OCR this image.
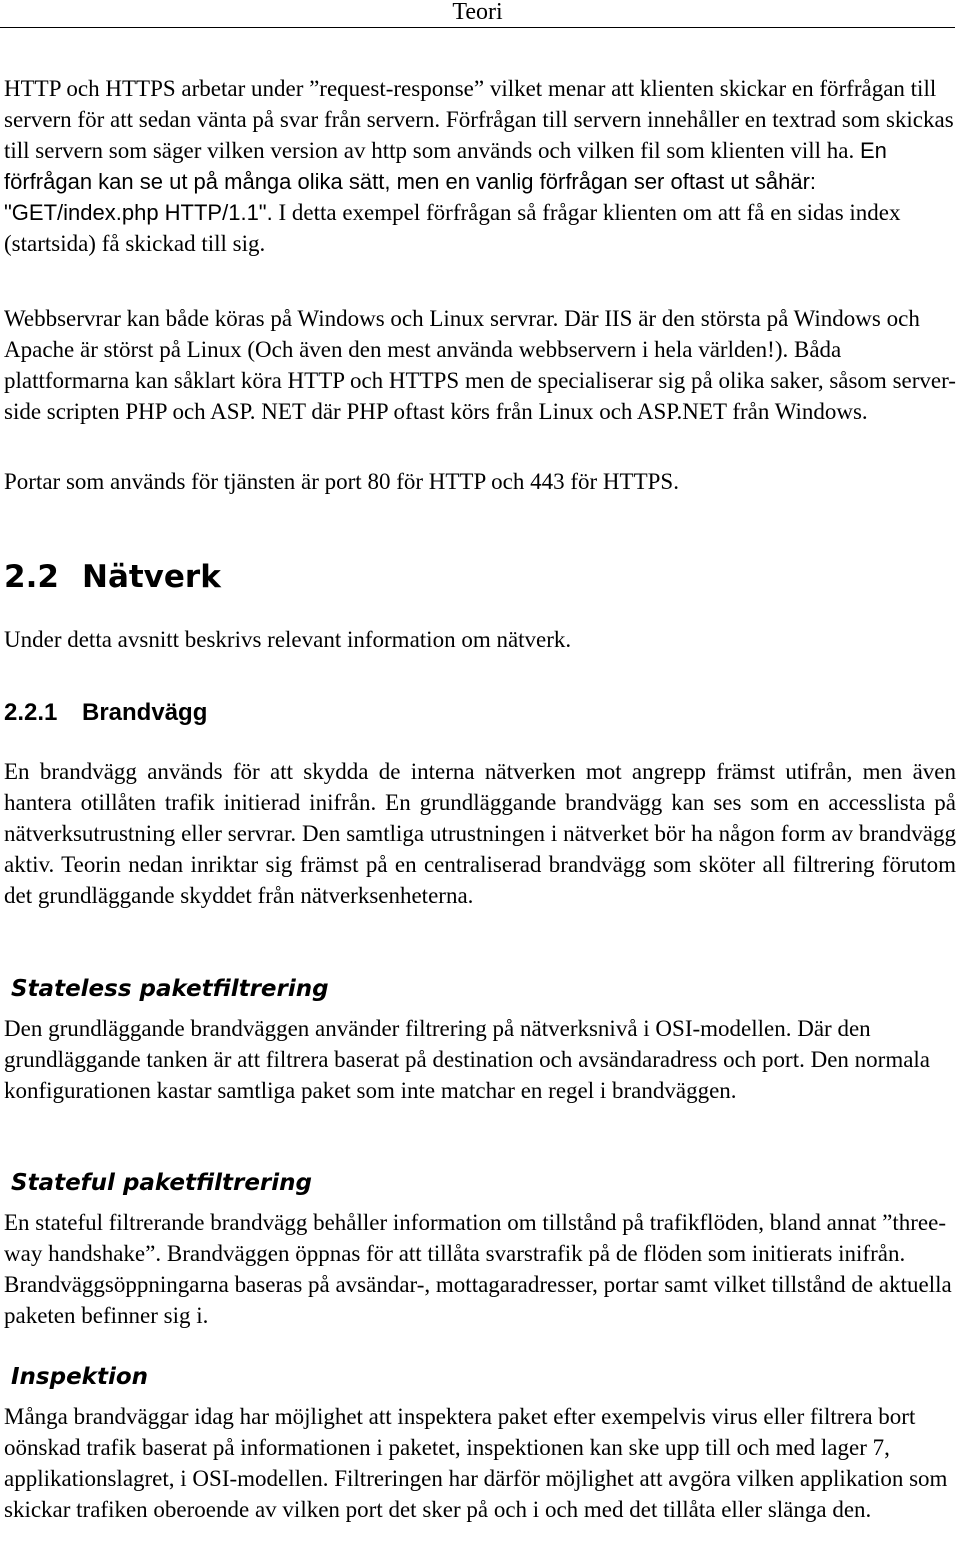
Teori

HTTP och HTTPS arbetar under ”request-response” vilket menar att klienten skickar en förfrågan till servern för att sedan vänta på svar från servern. Förfrågan till servern innehåller en textrad som skickas till servern som säger vilken version av http som används och vilken fil som klienten vill ha. En förfrågan kan se ut på många olika sätt, men en vanlig förfrågan ser oftast ut såhär: "GET/index.php HTTP/1.1". I detta exempel förfrågan så frågar klienten om att få en sidas index (startsida) få skickad till sig.

Webbservrar kan både köras på Windows och Linux servrar. Där IIS är den största på Windows och Apache är störst på Linux (Och även den mest använda webbservern i hela världen!). Båda plattformarna kan såklart köra HTTP och HTTPS men de specialiserar sig på olika saker, såsom server-side scripten PHP och ASP. NET där PHP oftast körs från Linux och ASP.NET från Windows.

Portar som används för tjänsten är port 80 för HTTP och 443 för HTTPS.

2.2 Nätverk

Under detta avsnitt beskrivs relevant information om nätverk.

2.2.1 Brandvägg

En brandvägg används för att skydda de interna nätverken mot angrepp främst utifrån, men även hantera otillåten trafik initierad inifrån. En grundläggande brandvägg kan ses som en accesslista på nätverksutrustning eller servrar. Den samtliga utrustningen i nätverket bör ha någon form av brandvägg aktiv. Teorin nedan inriktar sig främst på en centraliserad brandvägg som sköter all filtrering förutom det grundläggande skyddet från nätverksenheterna.

Stateless paketfiltrering

Den grundläggande brandväggen använder filtrering på nätverksnivå i OSI-modellen. Där den grundläggande tanken är att filtrera baserat på destination och avsändaradress och port. Den normala konfigurationen kastar samtliga paket som inte matchar en regel i brandväggen.

Stateful paketfiltrering

En stateful filtrerande brandvägg behåller information om tillstånd på trafikflöden, bland annat ”three-way handshake”. Brandväggen öppnas för att tillåta svarstrafik på de flöden som initierats inifrån. Brandväggsöppningarna baseras på avsändar-, mottagaradresser, portar samt vilket tillstånd de aktuella paketen befinner sig i.

Inspektion

Många brandväggar idag har möjlighet att inspektera paket efter exempelvis virus eller filtrera bort oönskad trafik baserat på informationen i paketet, inspektionen kan ske upp till och med lager 7, applikationslagret, i OSI-modellen. Filtreringen har därför möjlighet att avgöra vilken applikation som skickar trafiken oberoende av vilken port det sker på och i och med det tillåta eller slänga den.
